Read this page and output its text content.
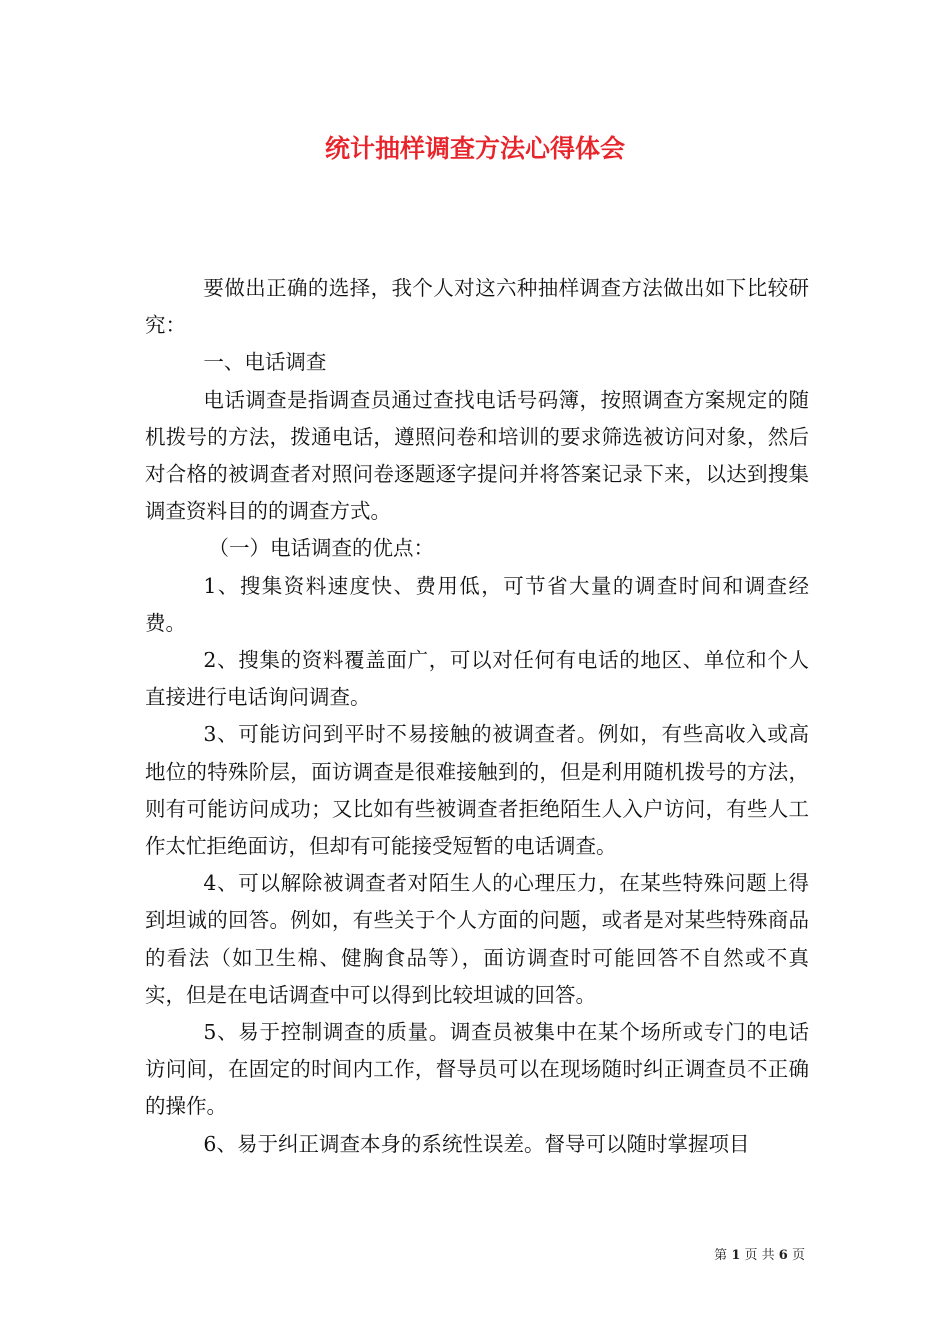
统计抽样调查方法心得体会

要做出正确的选择，我个人对这六种抽样调查方法做出如下比较研究：

一、电话调查

电话调查是指调查员通过查找电话号码簿，按照调查方案规定的随机拨号的方法，拨通电话，遵照问卷和培训的要求筛选被访问对象，然后对合格的被调查者对照问卷逐题逐字提问并将答案记录下来，以达到搜集调查资料目的的调查方式。

（一）电话调查的优点：

1、搜集资料速度快、费用低，可节省大量的调查时间和调查经费。

2、搜集的资料覆盖面广，可以对任何有电话的地区、单位和个人直接进行电话询问调查。

3、可能访问到平时不易接触的被调查者。例如，有些高收入或高地位的特殊阶层，面访调查是很难接触到的，但是利用随机拨号的方法，则有可能访问成功；又比如有些被调查者拒绝陌生人入户访问，有些人工作太忙拒绝面访，但却有可能接受短暂的电话调查。

4、可以解除被调查者对陌生人的心理压力，在某些特殊问题上得到坦诚的回答。例如，有些关于个人方面的问题，或者是对某些特殊商品的看法（如卫生棉、健胸食品等），面访调查时可能回答不自然或不真实，但是在电话调查中可以得到比较坦诚的回答。

5、易于控制调查的质量。调查员被集中在某个场所或专门的电话访问间，在固定的时间内工作，督导员可以在现场随时纠正调查员不正确的操作。

6、易于纠正调查本身的系统性误差。督导可以随时掌握项目

第 1 页 共 6 页
